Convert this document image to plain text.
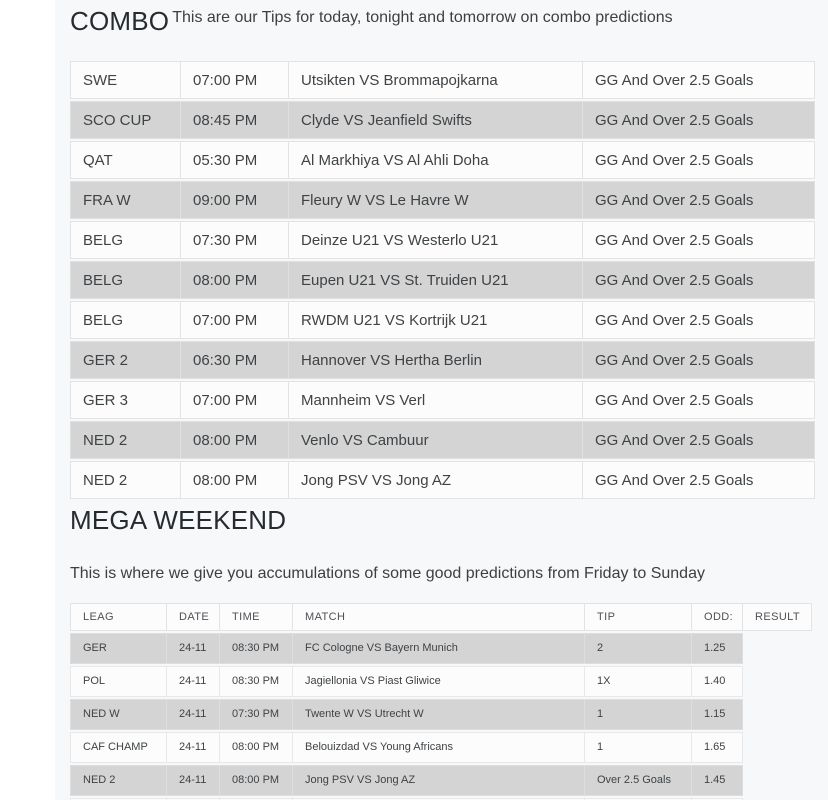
COMBO This are our Tips for today, tonight and tomorrow on combo predictions
SWE	07:00 PM	Utsikten VS Brommapojkarna	GG And Over 2.5 Goals
SCO CUP	08:45 PM	Clyde VS Jeanfield Swifts	GG And Over 2.5 Goals
QAT	05:30 PM	Al Markhiya VS Al Ahli Doha	GG And Over 2.5 Goals
FRA W	09:00 PM	Fleury W VS Le Havre W	GG And Over 2.5 Goals
BELG	07:30 PM	Deinze U21 VS Westerlo U21	GG And Over 2.5 Goals
BELG	08:00 PM	Eupen U21 VS St. Truiden U21	GG And Over 2.5 Goals
BELG	07:00 PM	RWDM U21 VS Kortrijk U21	GG And Over 2.5 Goals
GER 2	06:30 PM	Hannover VS Hertha Berlin	GG And Over 2.5 Goals
GER 3	07:00 PM	Mannheim VS Verl	GG And Over 2.5 Goals
NED 2	08:00 PM	Venlo VS Cambuur	GG And Over 2.5 Goals
NED 2	08:00 PM	Jong PSV VS Jong AZ	GG And Over 2.5 Goals
MEGA WEEKEND

This is where we give you accumulations of some good predictions from Friday to Sunday

LEAG	DATE	TIME	MATCH	TIP	ODD:	RESULT
GER	24-11	08:30 PM	FC Cologne VS Bayern Munich	2	1.25	
POL	24-11	08:30 PM	Jagiellonia VS Piast Gliwice	1X	1.40	
NED W	24-11	07:30 PM	Twente W VS Utrecht W	1	1.15	
CAF CHAMP	24-11	08:00 PM	Belouizdad VS Young Africans	1	1.65	
NED 2	24-11	08:00 PM	Jong PSV VS Jong AZ	Over 2.5 Goals	1.45	
